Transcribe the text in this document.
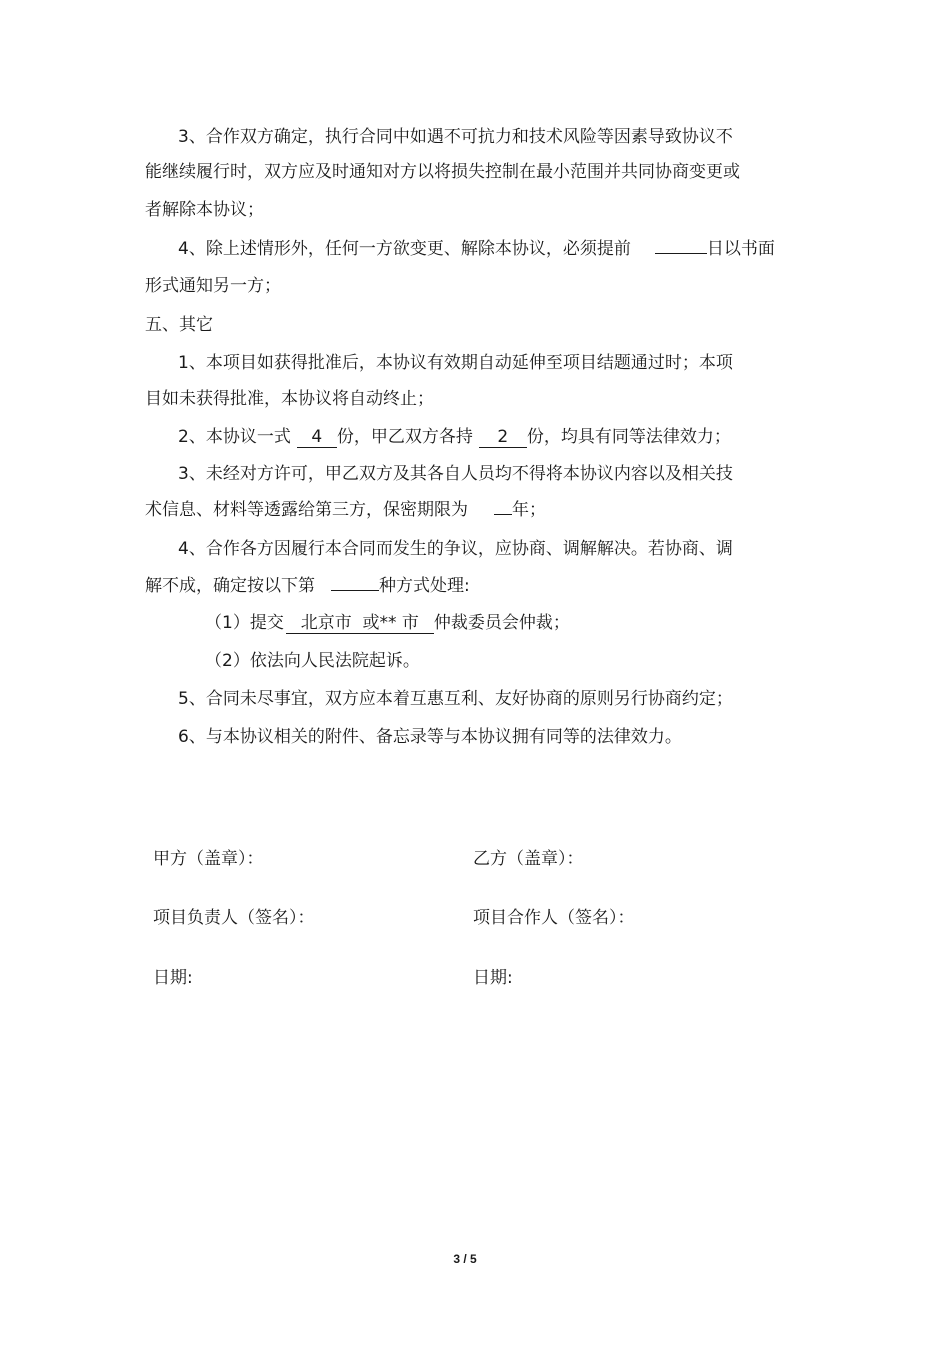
3、合作双方确定，执行合同中如遇不可抗力和技术风险等因素导致协议不
能继续履行时，双方应及时通知对方以将损失控制在最小范围并共同协商变更或
者解除本协议；
4、除上述情形外，任何一方欲变更、解除本协议，必须提前	日以书面
形式通知另一方；
五、其它
1、本项目如获得批准后，本协议有效期自动延伸至项目结题通过时；本项
目如未获得批准，本协议将自动终止；
2、本协议一式 4 份，甲乙双方各持 2 份，均具有同等法律效力；
3、未经对方许可，甲乙双方及其各自人员均不得将本协议内容以及相关技
术信息、材料等透露给第三方，保密期限为	年；
4、合作各方因履行本合同而发生的争议，应协商、调解解决。若协商、调
解不成，确定按以下第	种方式处理:
（1）提交 北京市  或** 市 仲裁委员会仲裁；
（2）依法向人民法院起诉。
5、合同未尽事宜，双方应本着互惠互利、友好协商的原则另行协商约定；
6、与本协议相关的附件、备忘录等与本协议拥有同等的法律效力。
甲方（盖章）：	乙方（盖章）：
项目负责人（签名）：	项目合作人（签名）：
日期:	日期:
3 / 5
